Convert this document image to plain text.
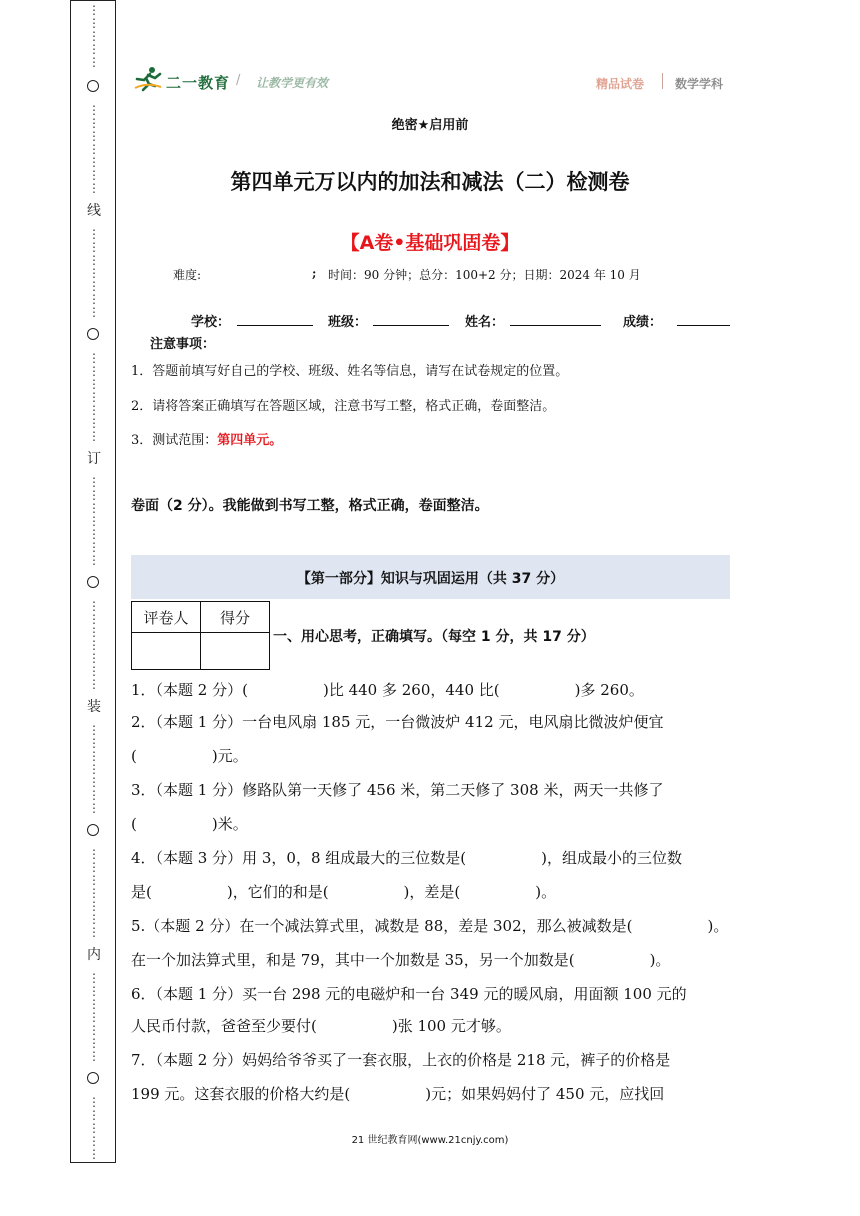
⋮
⋮
⋮
⋮
⋮
⋮
⋮
⋮
⋮
⋮
⋮
⋮
线
⋮
⋮
⋮
⋮
⋮
⋮
⋮
⋮
⋮
⋮
⋮
⋮
⋮
⋮
订
⋮
⋮
⋮
⋮
⋮
⋮
⋮
⋮
⋮
⋮
⋮
⋮
⋮
⋮
装
⋮
⋮
⋮
⋮
⋮
⋮
⋮
⋮
⋮
⋮
⋮
⋮
⋮
⋮
内
⋮
⋮
⋮
⋮
⋮
⋮
⋮
⋮
⋮
⋮
⋮
⋮
二一教育 / 让教学更有效	精品试卷	数学学科
绝密★启用前
第四单元万以内的加法和减法（二）检测卷
【A卷•基础巩固卷】
难度:	; 时间：90 分钟；总分：100+2 分；日期：2024 年 10 月
学校：	班级：	姓名：	成绩：
注意事项：
1．答题前填写好自己的学校、班级、姓名等信息，请写在试卷规定的位置。
2．请将答案正确填写在答题区域，注意书写工整，格式正确，卷面整洁。
3．测试范围：第四单元。
卷面（2 分）。我能做到书写工整，格式正确，卷面整洁。
【第一部分】知识与巩固运用（共 37 分）
评卷人	得分

一、用心思考，正确填写。（每空 1 分，共 17 分）
1．（本题 2 分）(　　　　　)比 440 多 260，440 比(　　　　　)多 260。
2．（本题 1 分）一台电风扇 185 元，一台微波炉 412 元，电风扇比微波炉便宜
(　　　　　)元。
3．（本题 1 分）修路队第一天修了 456 米，第二天修了 308 米，两天一共修了
(　　　　　)米。
4．（本题 3 分）用 3，0，8 组成最大的三位数是(　　　　　)，组成最小的三位数
是(　　　　　)，它们的和是(　　　　　)，差是(　　　　　)。
5.（本题 2 分）在一个减法算式里，减数是 88，差是 302，那么被减数是(　　　　　)。
在一个加法算式里，和是 79，其中一个加数是 35，另一个加数是(　　　　　)。
6．（本题 1 分）买一台 298 元的电磁炉和一台 349 元的暖风扇，用面额 100 元的
人民币付款，爸爸至少要付(　　　　　)张 100 元才够。
7．（本题 2 分）妈妈给爷爷买了一套衣服，上衣的价格是 218 元，裤子的价格是
199 元。这套衣服的价格大约是(　　　　　)元；如果妈妈付了 450 元，应找回
21 世纪教育网(www.21cnjy.com)
